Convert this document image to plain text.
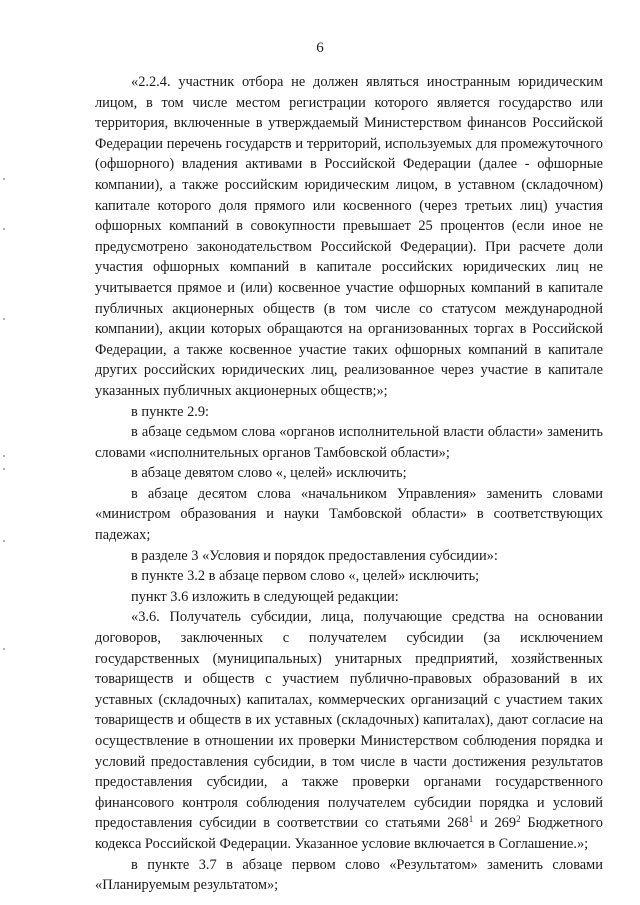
6

«2.2.4. участник отбора не должен являться иностранным юридическим лицом, в том числе местом регистрации которого является государство или территория, включенные в утверждаемый Министерством финансов Российской Федерации перечень государств и территорий, используемых для промежуточного (офшорного) владения активами в Российской Федерации (далее - офшорные компании), а также российским юридическим лицом, в уставном (складочном) капитале которого доля прямого или косвенного (через третьих лиц) участия офшорных компаний в совокупности превышает 25 процентов (если иное не предусмотрено законодательством Российской Федерации). При расчете доли участия офшорных компаний в капитале российских юридических лиц не учитывается прямое и (или) косвенное участие офшорных компаний в капитале публичных акционерных обществ (в том числе со статусом международной компании), акции которых обращаются на организованных торгах в Российской Федерации, а также косвенное участие таких офшорных компаний в капитале других российских юридических лиц, реализованное через участие в капитале указанных публичных акционерных обществ;»;

в пункте 2.9:

в абзаце седьмом слова «органов исполнительной власти области» заменить словами «исполнительных органов Тамбовской области»;

в абзаце девятом слово «, целей» исключить;

в абзаце десятом слова «начальником Управления» заменить словами «министром образования и науки Тамбовской области» в соответствующих падежах;

в разделе 3 «Условия и порядок предоставления субсидии»:

в пункте 3.2 в абзаце первом слово «, целей» исключить;

пункт 3.6 изложить в следующей редакции:

«3.6. Получатель субсидии, лица, получающие средства на основании договоров, заключенных с получателем субсидии (за исключением государственных (муниципальных) унитарных предприятий, хозяйственных товариществ и обществ с участием публично-правовых образований в их уставных (складочных) капиталах, коммерческих организаций с участием таких товариществ и обществ в их уставных (складочных) капиталах), дают согласие на осуществление в отношении их проверки Министерством соблюдения порядка и условий предоставления субсидии, в том числе в части достижения результатов предоставления субсидии, а также проверки органами государственного финансового контроля соблюдения получателем субсидии порядка и условий предоставления субсидии в соответствии со статьями $268^1$ и $269^2$ Бюджетного кодекса Российской Федерации. Указанное условие включается в Соглашение.»;

в пункте 3.7 в абзаце первом слово «Результатом» заменить словами «Планируемым результатом»;
